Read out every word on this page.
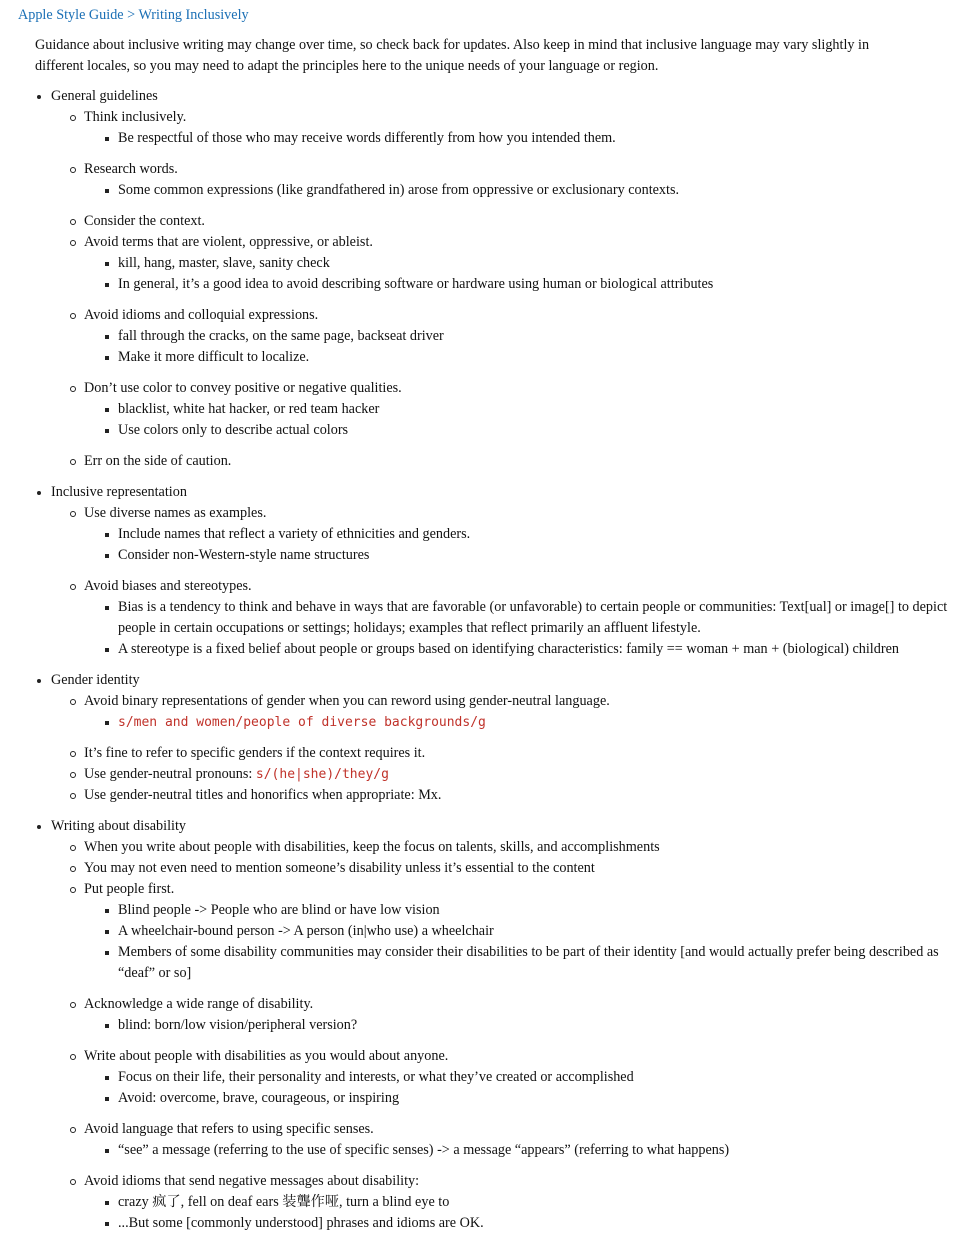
Apple Style Guide > Writing Inclusively

Guidance about inclusive writing may change over time, so check back for updates. Also keep in mind that inclusive language may vary slightly in different locales, so you may need to adapt the principles here to the unique needs of your language or region.

General guidelines
Think inclusively.
Be respectful of those who may receive words differently from how you intended them.
Research words.
Some common expressions (like grandfathered in) arose from oppressive or exclusionary contexts.
Consider the context.
Avoid terms that are violent, oppressive, or ableist.
kill, hang, master, slave, sanity check
In general, it’s a good idea to avoid describing software or hardware using human or biological attributes
Avoid idioms and colloquial expressions.
fall through the cracks, on the same page, backseat driver
Make it more difficult to localize.
Don’t use color to convey positive or negative qualities.
blacklist, white hat hacker, or red team hacker
Use colors only to describe actual colors
Err on the side of caution.
Inclusive representation
Use diverse names as examples.
Include names that reflect a variety of ethnicities and genders.
Consider non-Western-style name structures
Avoid biases and stereotypes.
Bias is a tendency to think and behave in ways that are favorable (or unfavorable) to certain people or communities: Text[ual] or image[] to depict people in certain occupations or settings; holidays; examples that reflect primarily an affluent lifestyle.
A stereotype is a fixed belief about people or groups based on identifying characteristics: family == woman + man + (biological) children
Gender identity
Avoid binary representations of gender when you can reword using gender-neutral language.
s/men and women/people of diverse backgrounds/g
It’s fine to refer to specific genders if the context requires it.
Use gender-neutral pronouns: s/(he|she)/they/g
Use gender-neutral titles and honorifics when appropriate: Mx.
Writing about disability
When you write about people with disabilities, keep the focus on talents, skills, and accomplishments
You may not even need to mention someone’s disability unless it’s essential to the content
Put people first.
Blind people -> People who are blind or have low vision
A wheelchair-bound person -> A person (in|who use) a wheelchair
Members of some disability communities may consider their disabilities to be part of their identity [and would actually prefer being described as “deaf” or so]
Acknowledge a wide range of disability.
blind: born/low vision/peripheral version?
Write about people with disabilities as you would about anyone.
Focus on their life, their personality and interests, or what they’ve created or accomplished
Avoid: overcome, brave, courageous, or inspiring
Avoid language that refers to using specific senses.
“see” a message (referring to the use of specific senses) -> a message “appears” (referring to what happens)
Avoid idioms that send negative messages about disability:
crazy 疯了, fell on deaf ears 装聾作哑, turn a blind eye to
...But some [commonly understood] phrases and idioms are OK.
